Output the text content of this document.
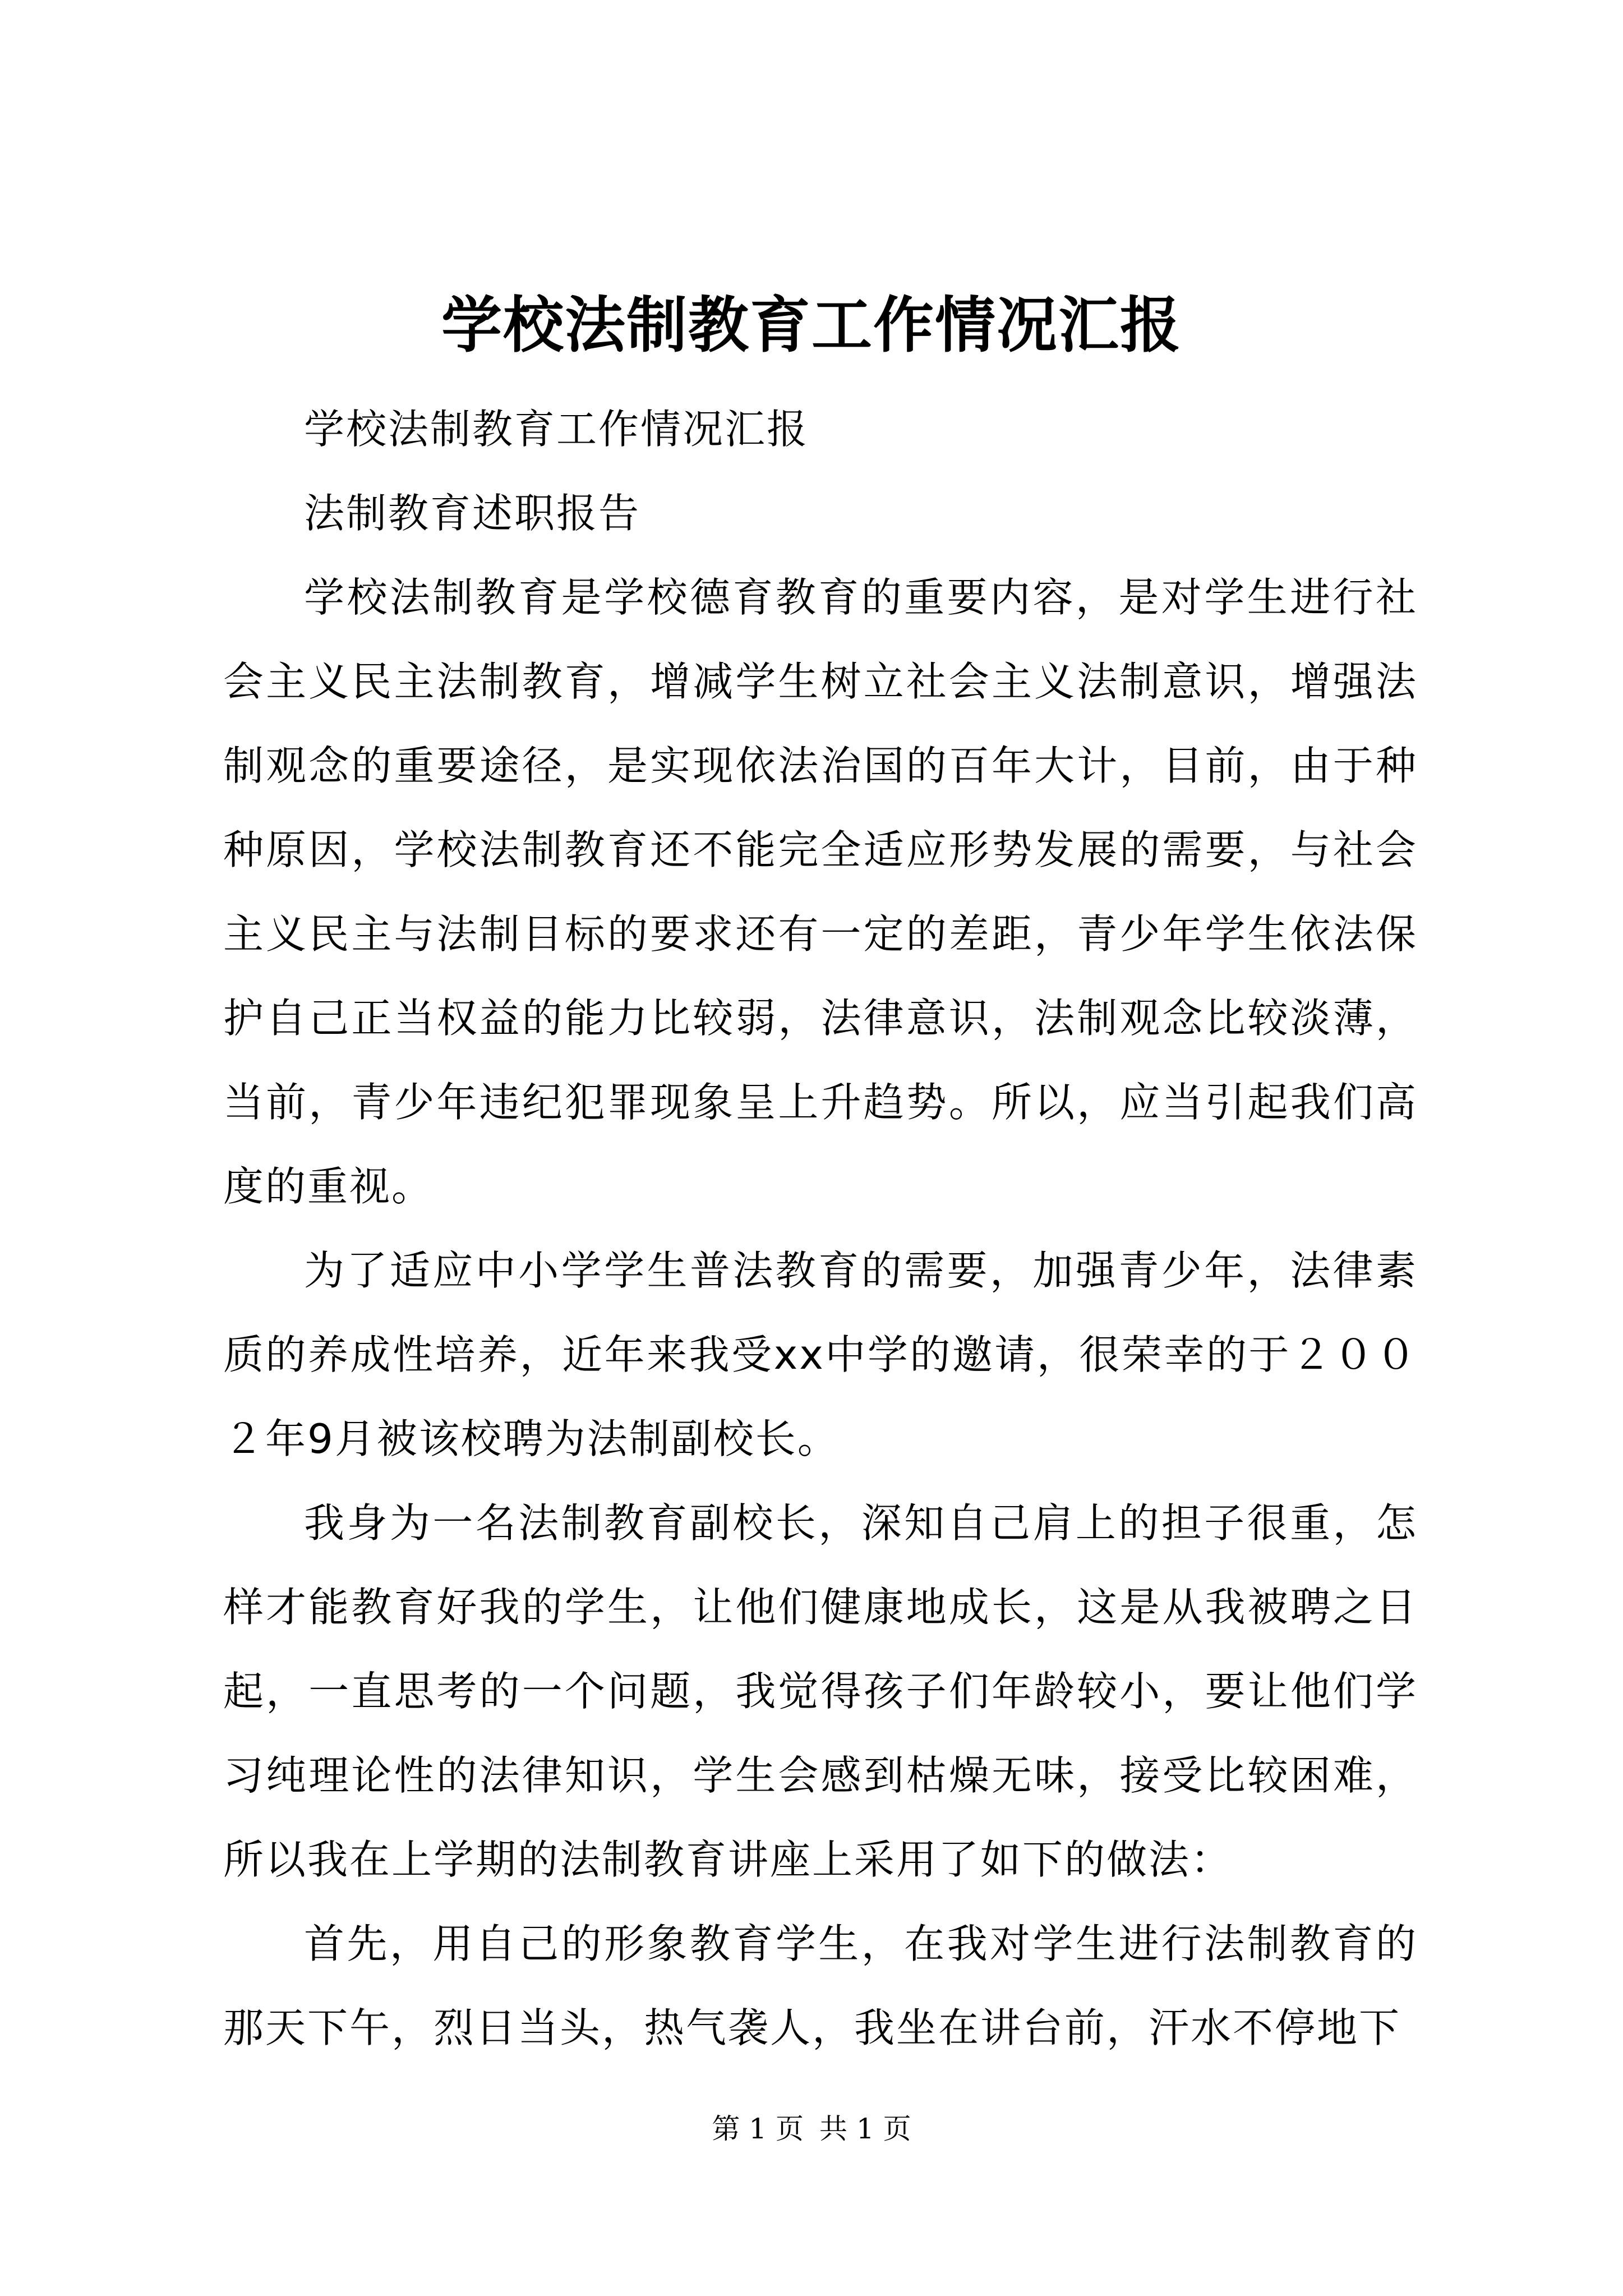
学校法制教育工作情况汇报

学校法制教育工作情况汇报

法制教育述职报告

学校法制教育是学校德育教育的重要内容，是对学生进行社会主义民主法制教育，增减学生树立社会主义法制意识，增强法制观念的重要途径，是实现依法治国的百年大计，目前，由于种种原因，学校法制教育还不能完全适应形势发展的需要，与社会主义民主与法制目标的要求还有一定的差距，青少年学生依法保护自己正当权益的能力比较弱，法律意识，法制观念比较淡薄，当前，青少年违纪犯罪现象呈上升趋势。所以，应当引起我们高度的重视。

为了适应中小学学生普法教育的需要，加强青少年，法律素质的养成性培养，近年来我受xx中学的邀请，很荣幸的于２００２年9月被该校聘为法制副校长。

我身为一名法制教育副校长，深知自己肩上的担子很重，怎样才能教育好我的学生，让他们健康地成长，这是从我被聘之日起，一直思考的一个问题，我觉得孩子们年龄较小，要让他们学习纯理论性的法律知识，学生会感到枯燥无味，接受比较困难，所以我在上学期的法制教育讲座上采用了如下的做法：

首先，用自己的形象教育学生，在我对学生进行法制教育的那天下午，烈日当头，热气袭人，我坐在讲台前，汗水不停地下

第 1 页 共 1 页
